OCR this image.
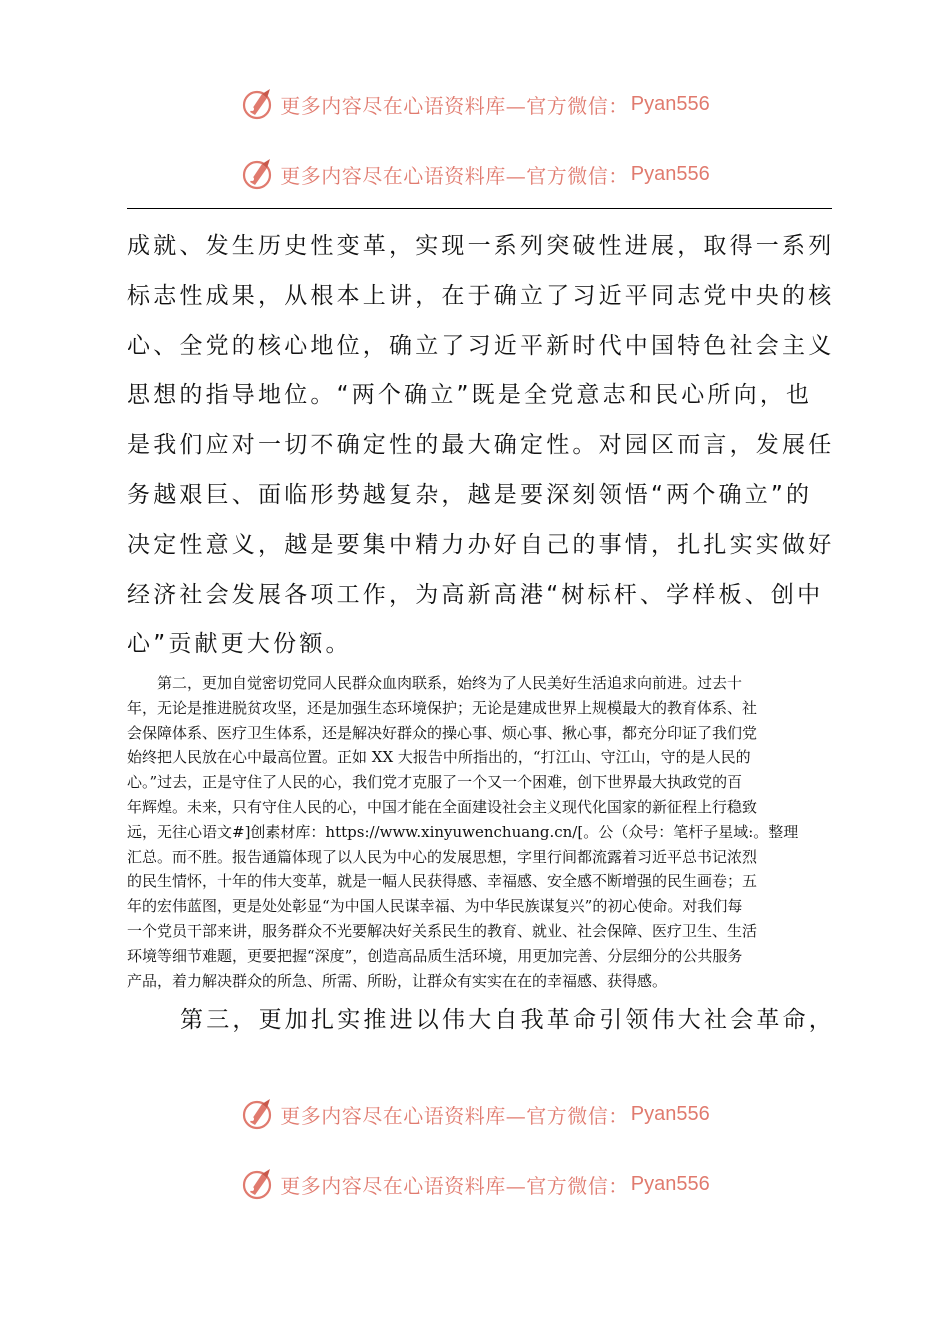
更多内容尽在心语资料库—官方微信： Pyan556
更多内容尽在心语资料库—官方微信： Pyan556
成就、发生历史性变革，实现一系列突破性进展，取得一系列
标志性成果，从根本上讲，在于确立了习近平同志党中央的核
心、全党的核心地位，确立了习近平新时代中国特色社会主义
思想的指导地位。“两个确立”既是全党意志和民心所向，也
是我们应对一切不确定性的最大确定性。对园区而言，发展任
务越艰巨、面临形势越复杂，越是要深刻领悟“两个确立”的
决定性意义，越是要集中精力办好自己的事情，扎扎实实做好
经济社会发展各项工作，为高新高港“树标杆、学样板、创中
心”贡献更大份额。
　　第二，更加自觉密切党同人民群众血肉联系，始终为了人民美好生活追求向前进。过去十
年，无论是推进脱贫攻坚，还是加强生态环境保护；无论是建成世界上规模最大的教育体系、社
会保障体系、医疗卫生体系，还是解决好群众的操心事、烦心事、揪心事，都充分印证了我们党
始终把人民放在心中最高位置。正如 XX 大报告中所指出的，“打江山、守江山，守的是人民的
心。”过去，正是守住了人民的心，我们党才克服了一个又一个困难，创下世界最大执政党的百
年辉煌。未来，只有守住人民的心，中国才能在全面建设社会主义现代化国家的新征程上行稳致
远，无往心语文#]创素材库：https://www.xinyuwenchuang.cn/[。公（众号：笔杆子星域:。整理
汇总。而不胜。报告通篇体现了以人民为中心的发展思想，字里行间都流露着习近平总书记浓烈
的民生情怀，十年的伟大变革，就是一幅人民获得感、幸福感、安全感不断增强的民生画卷；五
年的宏伟蓝图，更是处处彰显“为中国人民谋幸福、为中华民族谋复兴”的初心使命。对我们每
一个党员干部来讲，服务群众不光要解决好关系民生的教育、就业、社会保障、医疗卫生、生活
环境等细节难题，更要把握“深度”，创造高品质生活环境，用更加完善、分层细分的公共服务
产品，着力解决群众的所急、所需、所盼，让群众有实实在在的幸福感、获得感。
第三，更加扎实推进以伟大自我革命引领伟大社会革命，
更多内容尽在心语资料库—官方微信： Pyan556
更多内容尽在心语资料库—官方微信： Pyan556
